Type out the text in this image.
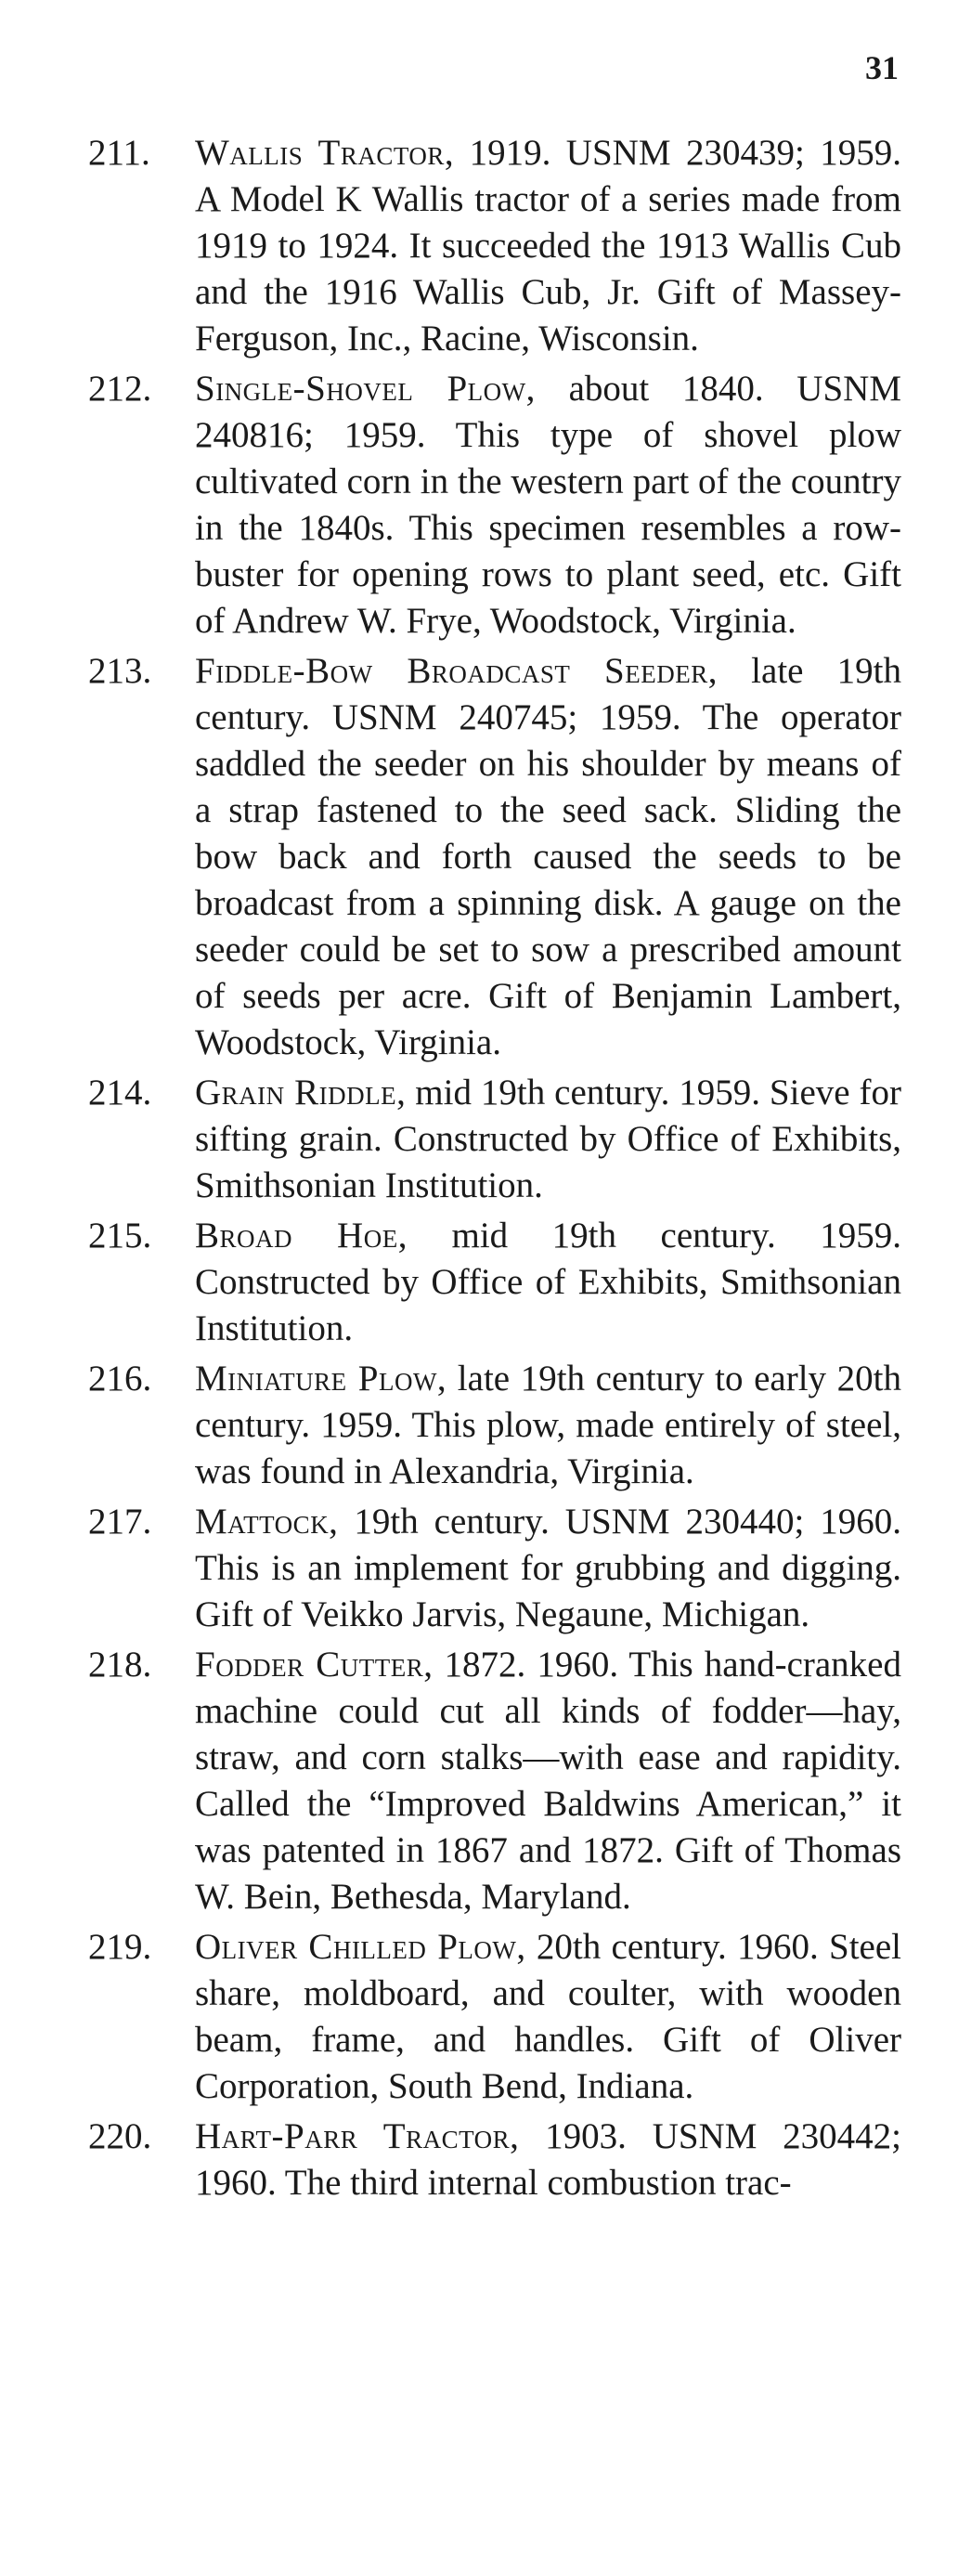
31
211. Wallis Tractor, 1919. USNM 230439; 1959. A Model K Wallis tractor of a series made from 1919 to 1924. It succeeded the 1913 Wallis Cub and the 1916 Wallis Cub, Jr. Gift of Massey-Ferguson, Inc., Racine, Wisconsin.
212. Single-Shovel Plow, about 1840. USNM 240816; 1959. This type of shovel plow cultivated corn in the western part of the country in the 1840s. This specimen resembles a row-buster for opening rows to plant seed, etc. Gift of Andrew W. Frye, Woodstock, Virginia.
213. Fiddle-Bow Broadcast Seeder, late 19th century. USNM 240745; 1959. The operator saddled the seeder on his shoulder by means of a strap fastened to the seed sack. Sliding the bow back and forth caused the seeds to be broadcast from a spinning disk. A gauge on the seeder could be set to sow a prescribed amount of seeds per acre. Gift of Benjamin Lambert, Woodstock, Virginia.
214. Grain Riddle, mid 19th century. 1959. Sieve for sifting grain. Constructed by Office of Exhibits, Smithsonian Institution.
215. Broad Hoe, mid 19th century. 1959. Constructed by Office of Exhibits, Smithsonian Institution.
216. Miniature Plow, late 19th century to early 20th century. 1959. This plow, made entirely of steel, was found in Alexandria, Virginia.
217. Mattock, 19th century. USNM 230440; 1960. This is an implement for grubbing and digging. Gift of Veikko Jarvis, Negaune, Michigan.
218. Fodder Cutter, 1872. 1960. This hand-cranked machine could cut all kinds of fodder—hay, straw, and corn stalks—with ease and rapidity. Called the “Improved Baldwins American,” it was patented in 1867 and 1872. Gift of Thomas W. Bein, Bethesda, Maryland.
219. Oliver Chilled Plow, 20th century. 1960. Steel share, moldboard, and coulter, with wooden beam, frame, and handles. Gift of Oliver Corporation, South Bend, Indiana.
220. Hart-Parr Tractor, 1903. USNM 230442; 1960. The third internal combustion trac-
